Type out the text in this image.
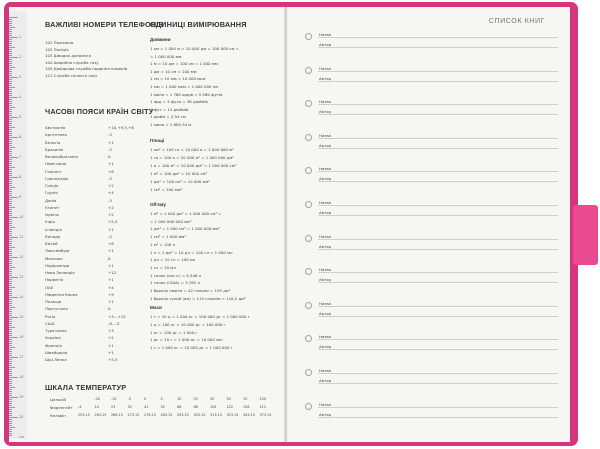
1
2
3
4
5
6
7
8
9
10
11
12
13
14
15
16
17
18
19
20
cm
ВАЖЛИВІ НОМЕРИ ТЕЛЕФОНІВ
101 Пожежна
102 Поліція
103 Швидка допомога
104 Аварійна служба газу
109 Довідкова служба надання номерів
121 Служба точного часу
ЧАСОВІ ПОЯСИ КРАЇН СВІТУ
Австралія	+10,+9,5,+8
Аргентина	-3
Бельгія	+1
Бразилія	-3
Великобританія	0
Німеччина	+1
Гонконг	+8
Гренландія	-3
Греція	+2
Грузія	+4
Данія	-3
Єгипет	+2
Ізраїль	+2
Індія	+5,5
Ісландія	+1
Канада	-5
Китай	+8
Люксембург	+1
Мексико	0
Нідерланди	+1
Нова Зеландія	+12
Норвегія	+1
ОАЕ	+4
Південна Корея	+9
Польща	+1
Португалія	0
Росія	+3...+12
США	-8...-5
Туреччина	+3
Україна	+2
Франція	+1
Швейцарія	+1
Шрі-Ланка	+5,5
ОДИНИЦІ ВИМІРЮВАННЯ
Довжини
1 км = 1 000 м = 10 000 дм = 100 000 см =
= 1 000 000 мм
1 м = 10 дм = 100 см = 1 000 мм
1 дм = 10 см = 100 мм
1 см = 10 мм = 10 000 мкм
1 мм = 1 000 мкм = 1 000 000 нм
1 миля = 1 760 ярдів = 5 280 футів
1 ярд = 3 фути = 36 дюймів
1 фут = 12 дюймів
1 дюйм = 2,54 см
1 миля = 1 609,34 м
Площі
1 км² = 100 га = 10 000 а = 1 000 000 м²
1 га = 100 а = 10 000 м² = 1 000 000 дм²
1 а = 100 м² = 10 000 дм² = 1 000 000 см²
1 м² = 100 дм² = 10 000 см²
1 дм² = 100 см² = 10 000 мм²
1 см² = 100 мм²
Об'єму
1 м³ = 1 000 дм³ = 1 000 000 см³ =
= 1 000 000 000 мм³
1 дм³ = 1 000 см³ = 1 000 000 мм³
1 см³ = 1 000 мм³
1 м³ = 100 л
1 л = 1 дм³ = 10 дл = 100 сл = 1 000 мл
1 дл = 10 сл = 100 мл
1 сл = 10 мл
1 галон (англ.) = 4,546 л
1 галон (США) = 3,785 л
1 барель нафти = 42 галони = 159 дм³
1 барель сухий (ам) = 115 галонів = 116,2 дм³
Маси
1 т = 10 ц = 1 000 кг = 100 000 дг = 1 000 000 г
1 ц = 100 кг = 10 000 дг = 100 000 г
1 кг = 100 дг = 1 000 г
1 дг = 10 г = 1 000 мг = 10 000 мкг
1 т = 1 000 кг = 10 000 дг = 1 000 000 г
ШКАЛА ТЕМПЕРАТУР
Цельсій	-20	-10	-5	0	5	10	20	30	50	70	100
Фаренгейт -4	14	23	32	41	50	68	86	104	122	158	212
Кельвін	253,15 263,15 268,15 273,15 278,15 283,15 293,15 303,15 313,15 323,15 343,15 373,15
СПИСОК КНИГ
Назва
Автор
Назва
Автор
Назва
Автор
Назва
Автор
Назва
Автор
Назва
Автор
Назва
Автор
Назва
Автор
Назва
Автор
Назва
Автор
Назва
Автор
Назва
Автор
